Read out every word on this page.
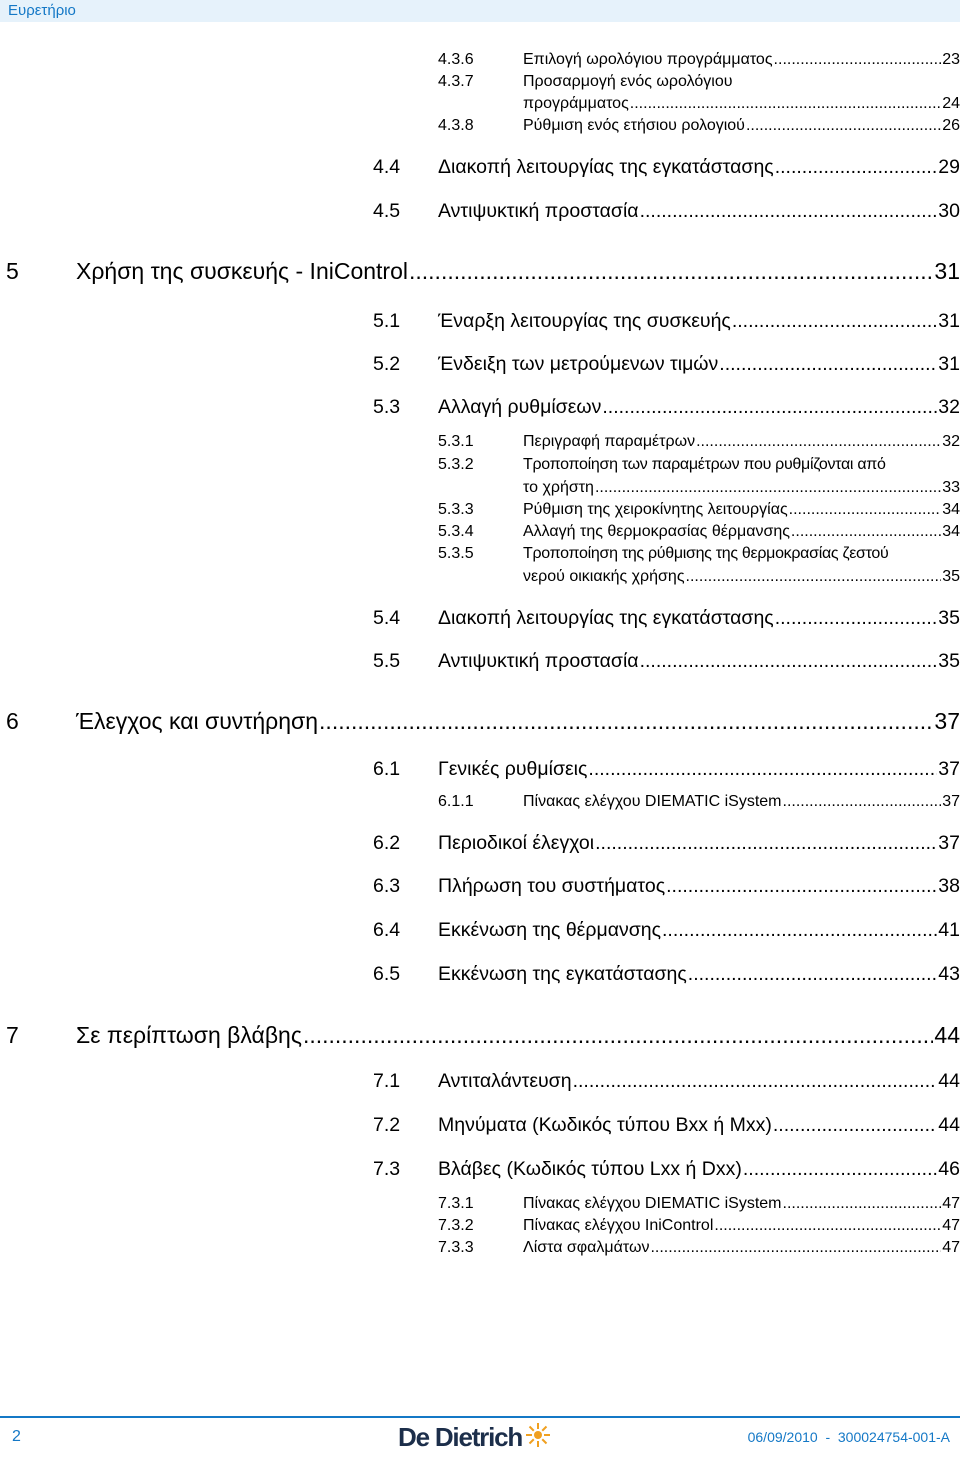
Ευρετήριο
4.3.6	Επιλογή ωρολόγιου προγράμματος .....	23
4.3.7	Προσαρμογή ενός ωρολόγιου
προγράμματος .....	24
4.3.8	Ρύθμιση ενός ετήσιου ρολογιού .....	26
4.4	Διακοπή λειτουργίας της εγκατάστασης .....	29
4.5	Αντιψυκτική προστασία .....	30
5	Χρήση της συσκευής - IniControl .....	31
5.1	Έναρξη λειτουργίας της συσκευής .....	31
5.2	Ένδειξη των μετρούμενων τιμών .....	31
5.3	Αλλαγή ρυθμίσεων .....	32
5.3.1	Περιγραφή παραμέτρων .....	32
5.3.2	Τροποποίηση των παραμέτρων που ρυθμίζονται από
το χρήστη .....	33
5.3.3	Ρύθμιση της χειροκίνητης λειτουργίας .....	34
5.3.4	Αλλαγή της θερμοκρασίας θέρμανσης .....	34
5.3.5	Τροποποίηση της ρύθμισης της θερμοκρασίας ζεστού
νερού οικιακής χρήσης .....	35
5.4	Διακοπή λειτουργίας της εγκατάστασης .....	35
5.5	Αντιψυκτική προστασία .....	35
6	Έλεγχος και συντήρηση .....	37
6.1	Γενικές ρυθμίσεις .....	37
6.1.1	Πίνακας ελέγχου DIEMATIC iSystem .....	37
6.2	Περιοδικοί έλεγχοι .....	37
6.3	Πλήρωση του συστήματος .....	38
6.4	Εκκένωση της θέρμανσης .....	41
6.5	Εκκένωση της εγκατάστασης .....	43
7	Σε περίπτωση βλάβης .....	44
7.1	Αντιταλάντευση .....	44
7.2	Μηνύματα (Κωδικός τύπου Bxx ή Mxx) .....	44
7.3	Βλάβες (Κωδικός τύπου Lxx ή Dxx) .....	46
7.3.1	Πίνακας ελέγχου DIEMATIC iSystem .....	47
7.3.2	Πίνακας ελέγχου IniControl .....	47
7.3.3	Λίστα σφαλμάτων .....	47
2	De Dietrich	06/09/2010  -  300024754-001-A
